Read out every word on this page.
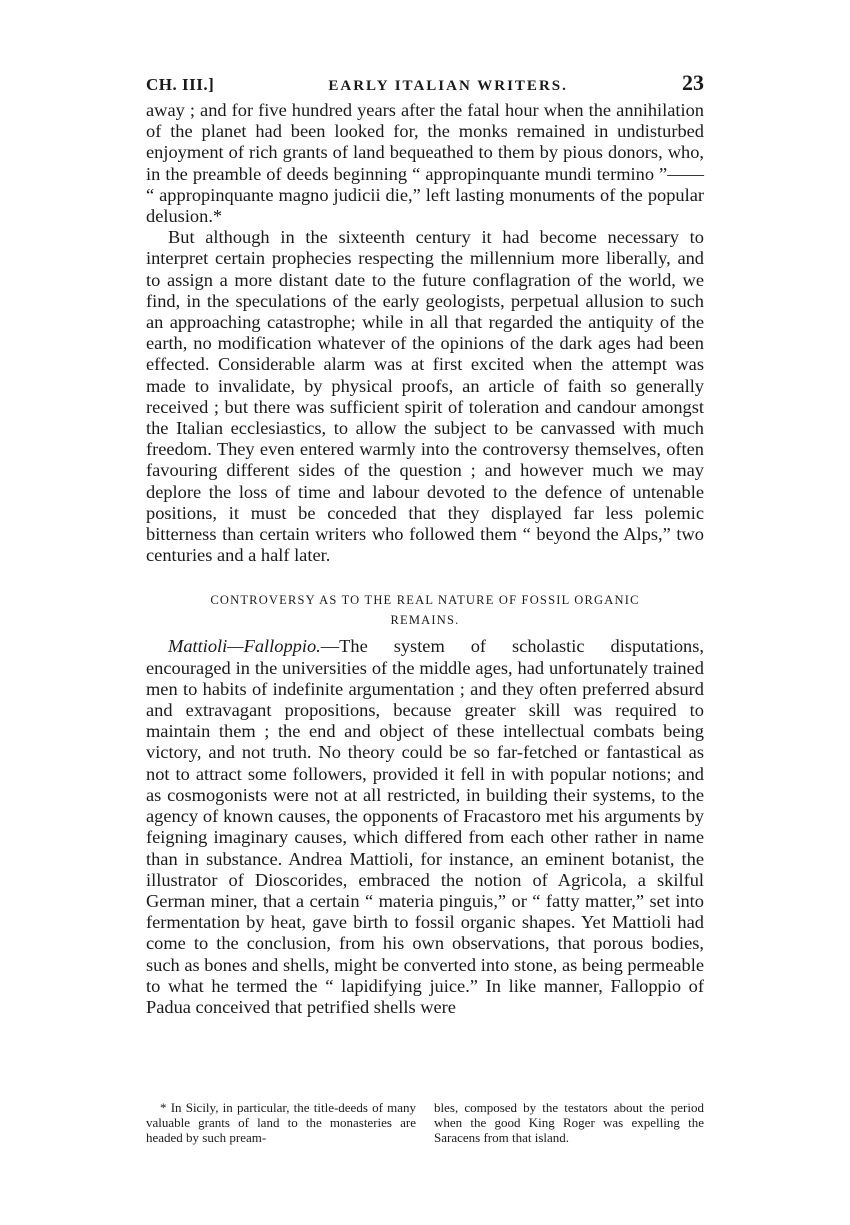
CH. III.]	EARLY ITALIAN WRITERS.	23

away ; and for five hundred years after the fatal hour when the annihilation of the planet had been looked for, the monks remained in undisturbed enjoyment of rich grants of land bequeathed to them by pious donors, who, in the preamble of deeds beginning “ appropinquante mundi termino ”—— “ appropinquante magno judicii die,” left lasting monuments of the popular delusion.*

But although in the sixteenth century it had become necessary to interpret certain prophecies respecting the millennium more liberally, and to assign a more distant date to the future conflagration of the world, we find, in the speculations of the early geologists, perpetual allusion to such an approaching catastrophe; while in all that regarded the antiquity of the earth, no modification whatever of the opinions of the dark ages had been effected. Considerable alarm was at first excited when the attempt was made to invalidate, by physical proofs, an article of faith so generally received ; but there was sufficient spirit of toleration and candour amongst the Italian ecclesiastics, to allow the subject to be canvassed with much freedom. They even entered warmly into the controversy themselves, often favouring different sides of the question ; and however much we may deplore the loss of time and labour devoted to the defence of untenable positions, it must be conceded that they displayed far less polemic bitterness than certain writers who followed them “ beyond the Alps,” two centuries and a half later.

CONTROVERSY AS TO THE REAL NATURE OF FOSSIL ORGANIC
REMAINS.

Mattioli—Falloppio.—The system of scholastic disputations, encouraged in the universities of the middle ages, had unfortunately trained men to habits of indefinite argumentation ; and they often preferred absurd and extravagant propositions, because greater skill was required to maintain them ; the end and object of these intellectual combats being victory, and not truth. No theory could be so far-fetched or fantastical as not to attract some followers, provided it fell in with popular notions; and as cosmogonists were not at all restricted, in building their systems, to the agency of known causes, the opponents of Fracastoro met his arguments by feigning imaginary causes, which differed from each other rather in name than in substance. Andrea Mattioli, for instance, an eminent botanist, the illustrator of Dioscorides, embraced the notion of Agricola, a skilful German miner, that a certain “ materia pinguis,” or “ fatty matter,” set into fermentation by heat, gave birth to fossil organic shapes. Yet Mattioli had come to the conclusion, from his own observations, that porous bodies, such as bones and shells, might be converted into stone, as being permeable to what he termed the “ lapidifying juice.” In like manner, Falloppio of Padua conceived that petrified shells were

* In Sicily, in particular, the title-deeds of many valuable grants of land to the monasteries are headed by such pream-
bles, composed by the testators about the period when the good King Roger was expelling the Saracens from that island.
